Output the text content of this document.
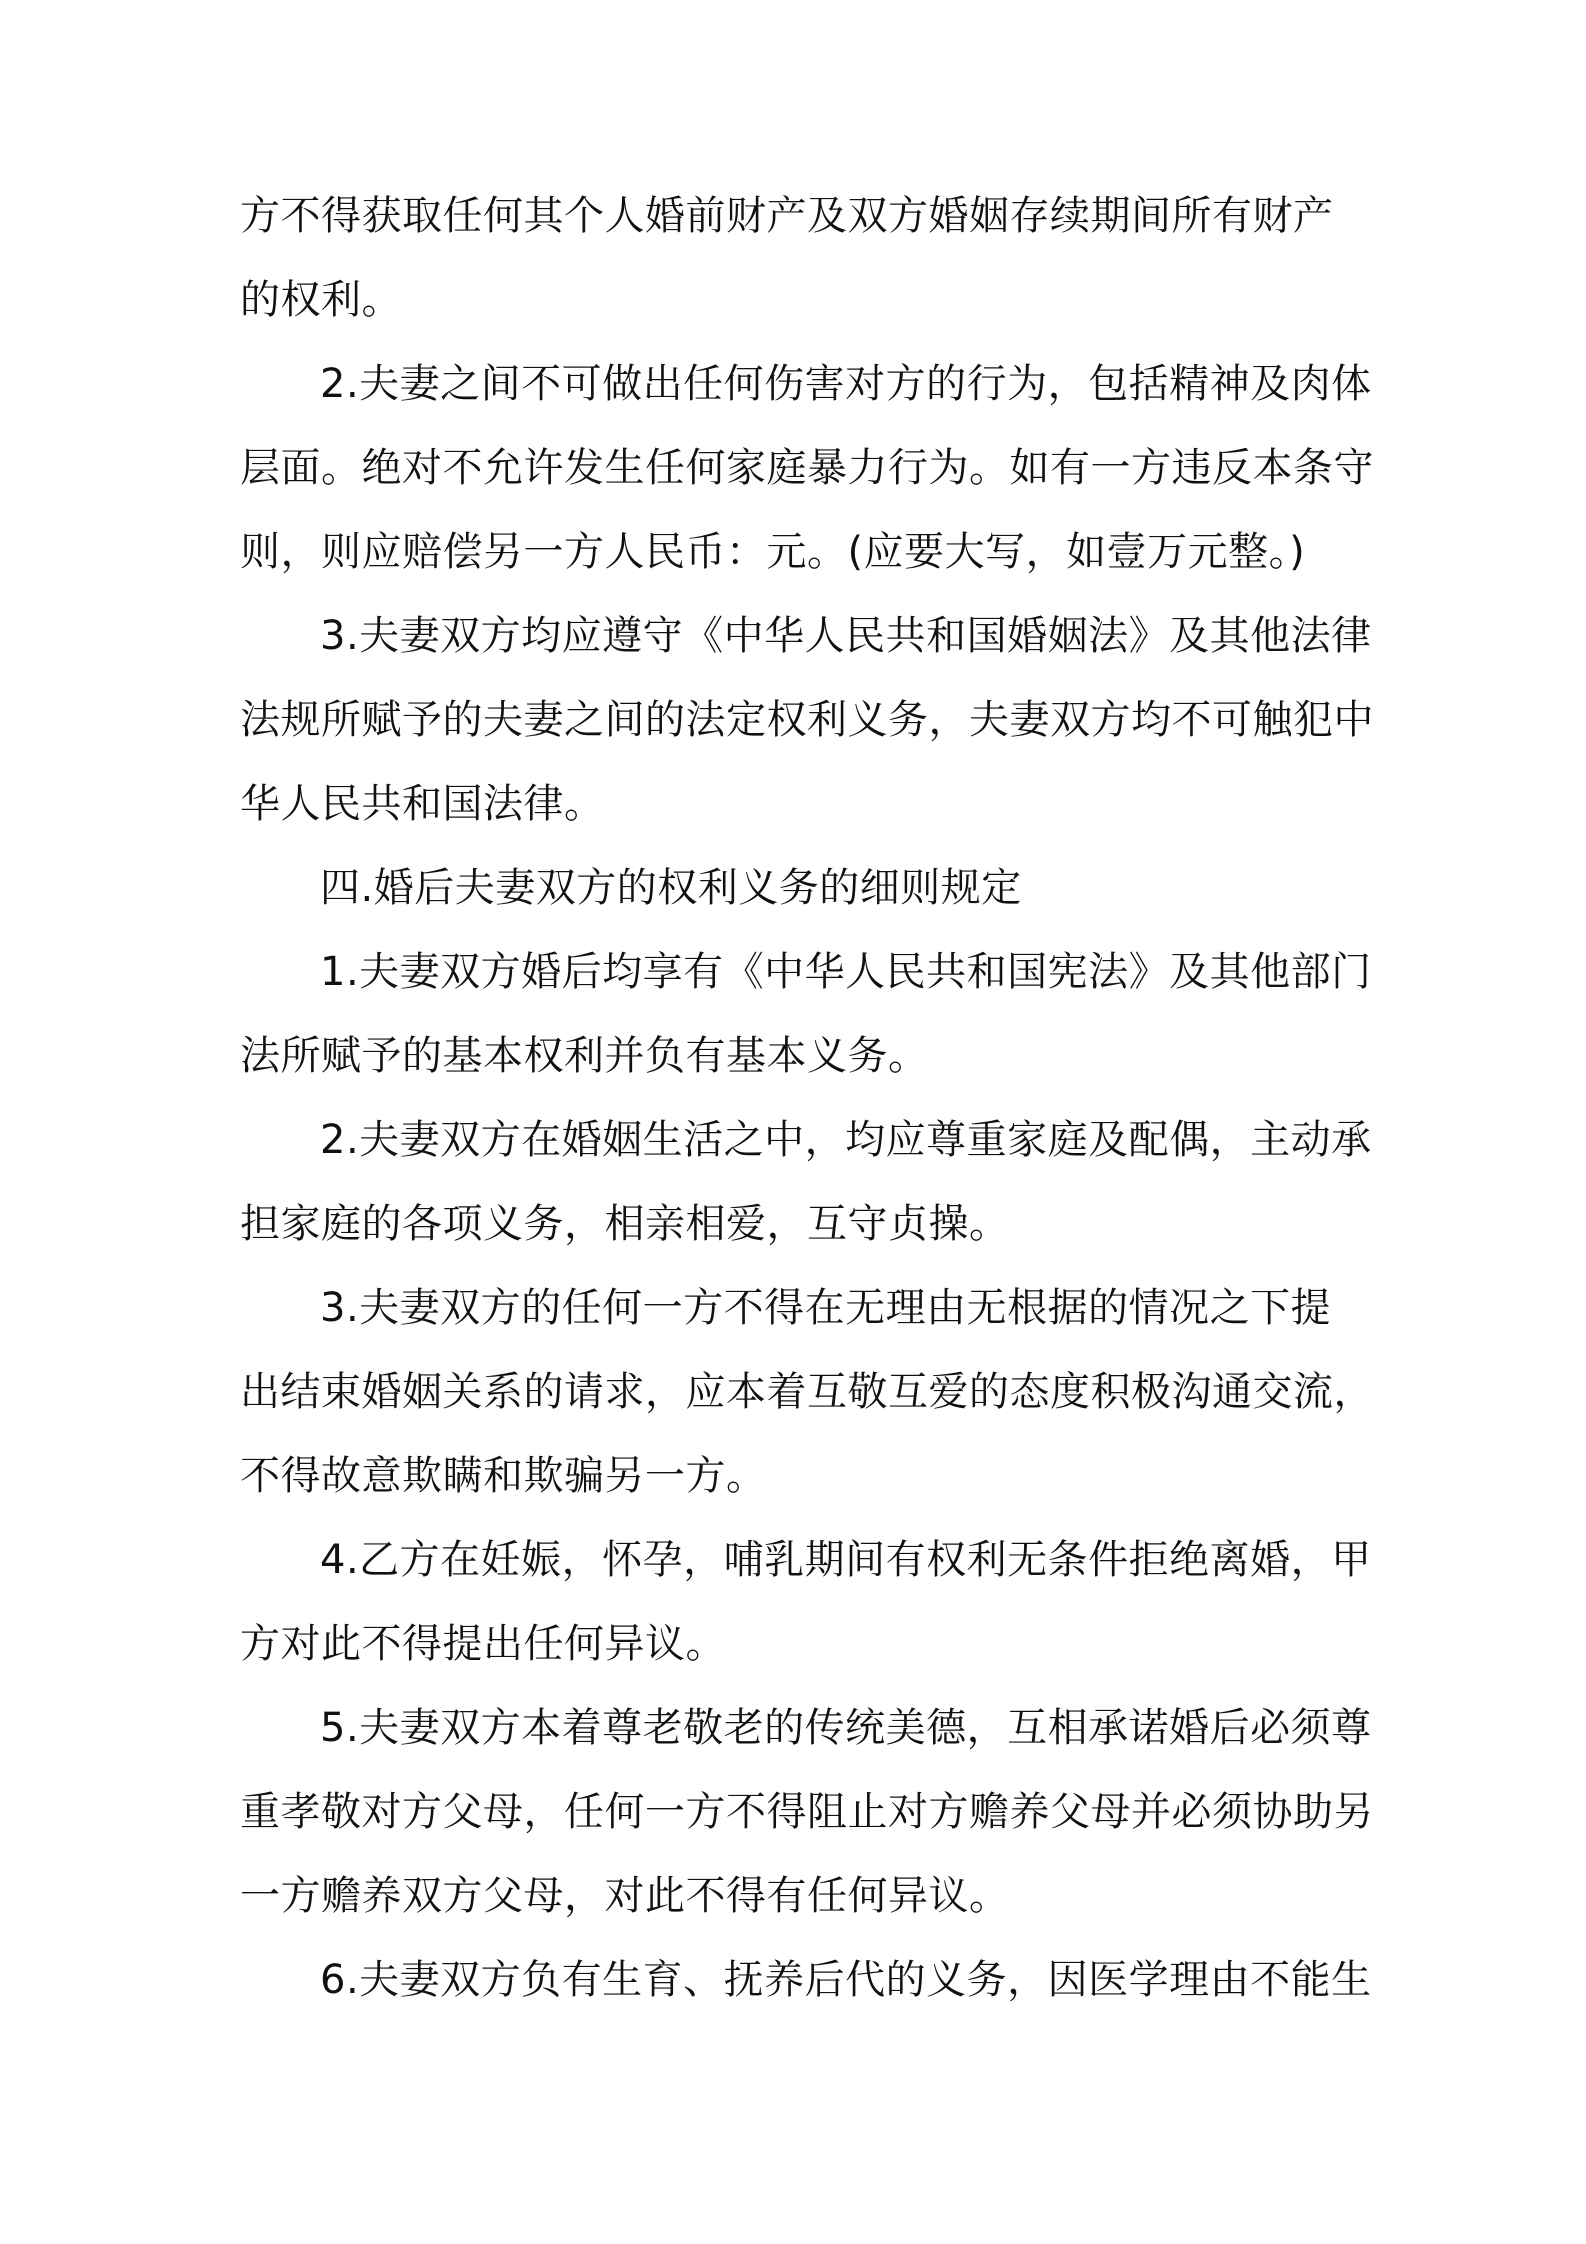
方不得获取任何其个人婚前财产及双方婚姻存续期间所有财产
的权利。
2.夫妻之间不可做出任何伤害对方的行为，包括精神及肉体
层面。绝对不允许发生任何家庭暴力行为。如有一方违反本条守
则，则应赔偿另一方人民币：元。(应要大写，如壹万元整。)
3.夫妻双方均应遵守《中华人民共和国婚姻法》及其他法律
法规所赋予的夫妻之间的法定权利义务，夫妻双方均不可触犯中
华人民共和国法律。
四.婚后夫妻双方的权利义务的细则规定
1.夫妻双方婚后均享有《中华人民共和国宪法》及其他部门
法所赋予的基本权利并负有基本义务。
2.夫妻双方在婚姻生活之中，均应尊重家庭及配偶，主动承
担家庭的各项义务，相亲相爱，互守贞操。
3.夫妻双方的任何一方不得在无理由无根据的情况之下提
出结束婚姻关系的请求，应本着互敬互爱的态度积极沟通交流，
不得故意欺瞒和欺骗另一方。
4.乙方在妊娠，怀孕，哺乳期间有权利无条件拒绝离婚，甲
方对此不得提出任何异议。
5.夫妻双方本着尊老敬老的传统美德，互相承诺婚后必须尊
重孝敬对方父母，任何一方不得阻止对方赡养父母并必须协助另
一方赡养双方父母，对此不得有任何异议。
6.夫妻双方负有生育、抚养后代的义务，因医学理由不能生
